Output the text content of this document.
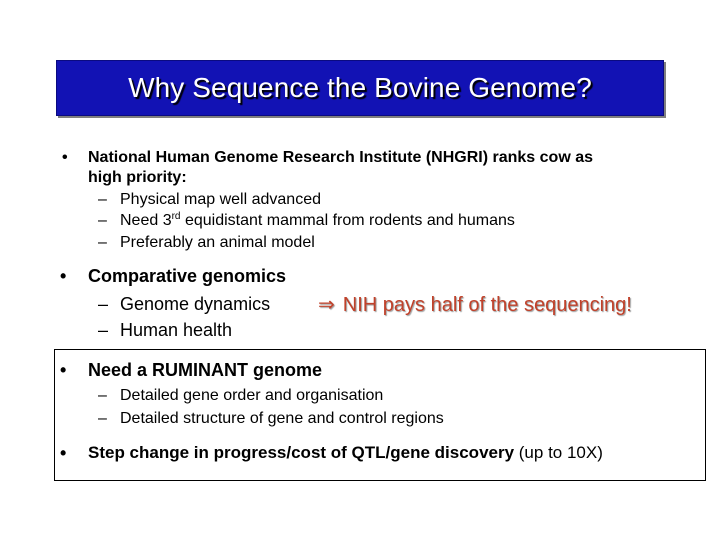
Why Sequence the Bovine Genome?
• National Human Genome Research Institute (NHGRI) ranks cow as
high priority:
– Physical map well advanced
– Need 3rd equidistant mammal from rodents and humans
– Preferably an animal model
• Comparative genomics
– Genome dynamics
– Human health
⇒ NIH pays half of the sequencing!
• Need a RUMINANT genome
– Detailed gene order and organisation
– Detailed structure of gene and control regions
• Step change in progress/cost of QTL/gene discovery (up to 10X)
